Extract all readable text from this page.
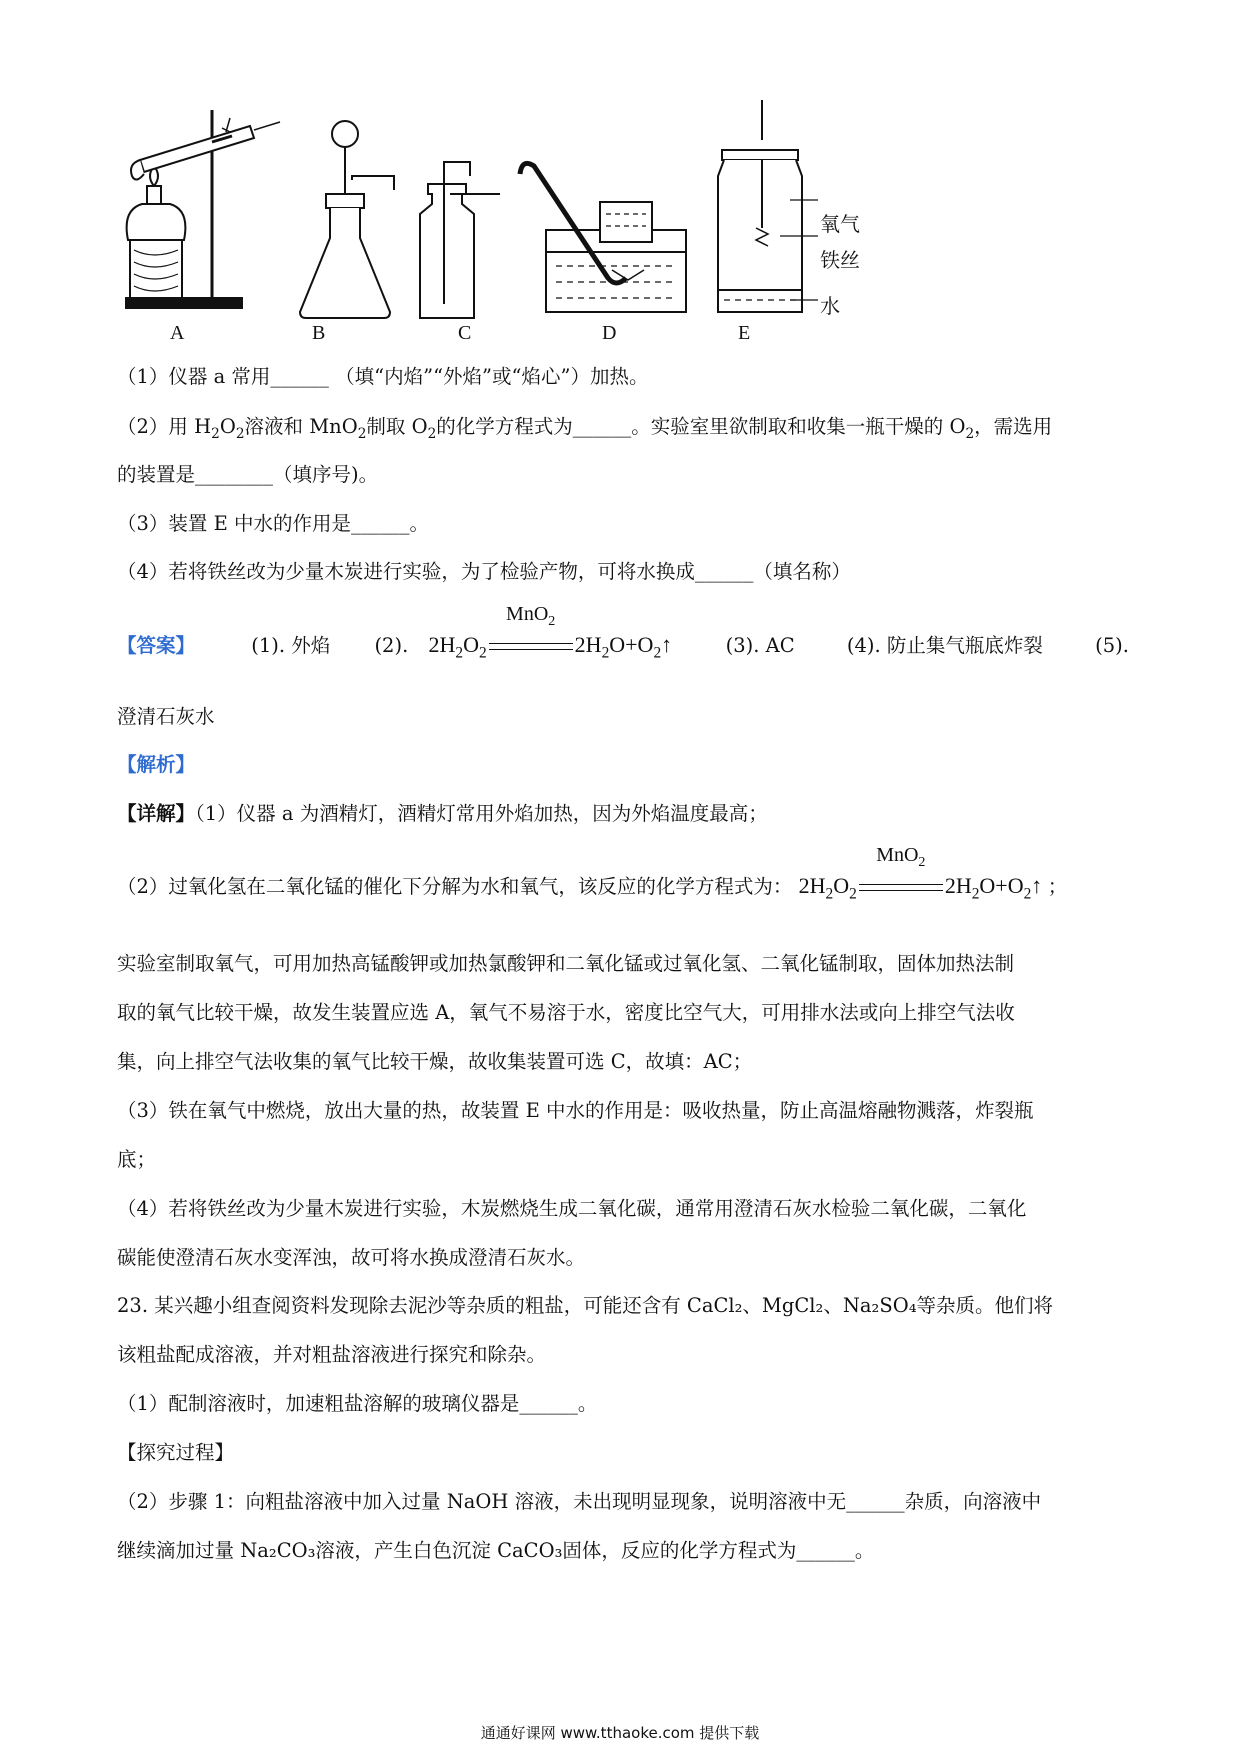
A	B	C	D	E
氧气
铁丝
水
（1）仪器 a 常用______ （填“内焰”“外焰”或“焰心”）加热。
（2）用 $H_2O_2$溶液和 MnO$_2$制取 $O_2$的化学方程式为______。实验室里欲制取和收集一瓶干燥的 $O_2$，需选用
的装置是________（填序号)。
（3）装置 E 中水的作用是______。
（4）若将铁丝改为少量木炭进行实验，为了检验产物，可将水换成______（填名称）
【答案】	(1). 外焰 (2). $2H_2O_2$
MnO$_2$
$2H_2O+O_2↑$	(3). AC	(4). 防止集气瓶底炸裂	(5).
澄清石灰水
【解析】
【详解】（1）仪器 a 为酒精灯，酒精灯常用外焰加热，因为外焰温度最高；
（2）过氧化氢在二氧化锰的催化下分解为水和氧气，该反应的化学方程式为： $2H_2O_2$
MnO$_2$
$2H_2O+O_2↑$ ；
实验室制取氧气，可用加热高锰酸钾或加热氯酸钾和二氧化锰或过氧化氢、二氧化锰制取，固体加热法制
取的氧气比较干燥，故发生装置应选 A，氧气不易溶于水，密度比空气大，可用排水法或向上排空气法收
集，向上排空气法收集的氧气比较干燥，故收集装置可选 C，故填：AC；
（3）铁在氧气中燃烧，放出大量的热，故装置 E 中水的作用是：吸收热量，防止高温熔融物溅落，炸裂瓶
底；
（4）若将铁丝改为少量木炭进行实验，木炭燃烧生成二氧化碳，通常用澄清石灰水检验二氧化碳，二氧化
碳能使澄清石灰水变浑浊，故可将水换成澄清石灰水。
23. 某兴趣小组查阅资料发现除去泥沙等杂质的粗盐，可能还含有 CaCl₂、MgCl₂、Na₂SO₄等杂质。他们将
该粗盐配成溶液，并对粗盐溶液进行探究和除杂。
（1）配制溶液时，加速粗盐溶解的玻璃仪器是______。
【探究过程】
（2）步骤 1：向粗盐溶液中加入过量 NaOH 溶液，未出现明显现象，说明溶液中无______杂质，向溶液中
继续滴加过量 Na₂CO₃溶液，产生白色沉淀 CaCO₃固体，反应的化学方程式为______。
通通好课网 www.tthaoke.com 提供下载
